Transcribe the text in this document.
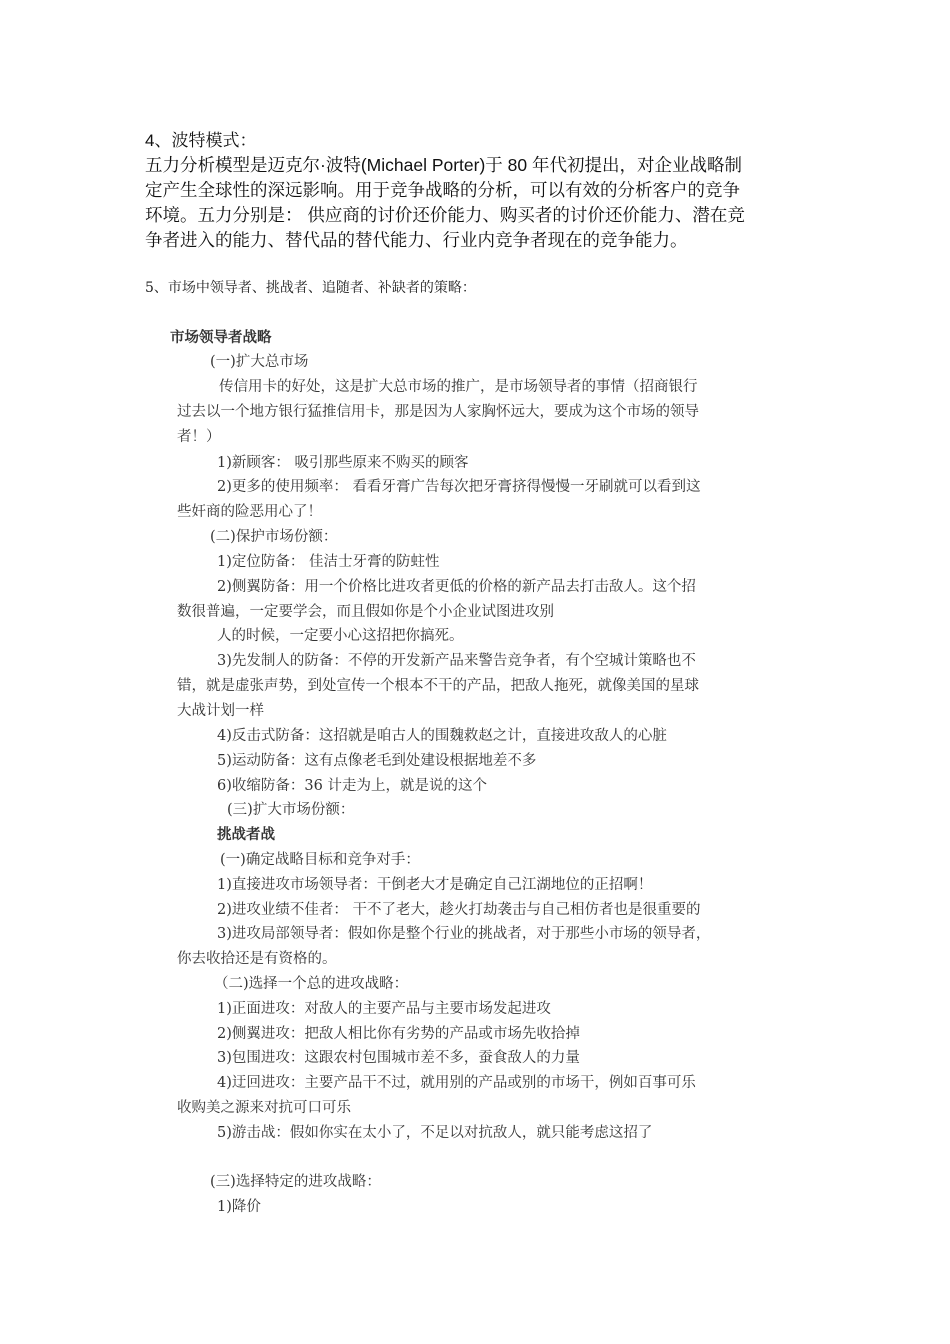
4、波特模式：

五力分析模型是迈克尔·波特(Michael Porter)于 80 年代初提出，对企业战略制

定产生全球性的深远影响。用于竞争战略的分析，可以有效的分析客户的竞争

环境。五力分别是： 供应商的讨价还价能力、购买者的讨价还价能力、潜在竞

争者进入的能力、替代品的替代能力、行业内竞争者现在的竞争能力。

5、市场中领导者、挑战者、追随者、补缺者的策略：

市场领导者战略

(一)扩大总市场

传信用卡的好处，这是扩大总市场的推广，是市场领导者的事情（招商银行

过去以一个地方银行猛推信用卡，那是因为人家胸怀远大，要成为这个市场的领导

者！）

1)新顾客： 吸引那些原来不购买的顾客

2)更多的使用频率： 看看牙膏广告每次把牙膏挤得慢慢一牙刷就可以看到这

些奸商的险恶用心了！

(二)保护市场份额：

1)定位防备： 佳洁士牙膏的防蛀性

2)侧翼防备：用一个价格比进攻者更低的价格的新产品去打击敌人。这个招

数很普遍，一定要学会，而且假如你是个小企业试图进攻别

人的时候，一定要小心这招把你搞死。

3)先发制人的防备：不停的开发新产品来警告竞争者，有个空城计策略也不

错，就是虚张声势，到处宣传一个根本不干的产品，把敌人拖死，就像美国的星球

大战计划一样

4)反击式防备：这招就是咱古人的围魏救赵之计，直接进攻敌人的心脏

5)运动防备：这有点像老毛到处建设根据地差不多

6)收缩防备：36 计走为上，就是说的这个

(三)扩大市场份额：

挑战者战

(一)确定战略目标和竞争对手：

1)直接进攻市场领导者：干倒老大才是确定自己江湖地位的正招啊！

2)进攻业绩不佳者： 干不了老大，趁火打劫袭击与自己相仿者也是很重要的

3)进攻局部领导者：假如你是整个行业的挑战者，对于那些小市场的领导者，

你去收拾还是有资格的。

（二)选择一个总的进攻战略：

1)正面进攻：对敌人的主要产品与主要市场发起进攻

2)侧翼进攻：把敌人相比你有劣势的产品或市场先收拾掉

3)包围进攻：这跟农村包围城市差不多，蚕食敌人的力量

4)迂回进攻：主要产品干不过，就用别的产品或别的市场干，例如百事可乐

收购美之源来对抗可口可乐

5)游击战：假如你实在太小了，不足以对抗敌人，就只能考虑这招了

(三)选择特定的进攻战略：

1)降价
